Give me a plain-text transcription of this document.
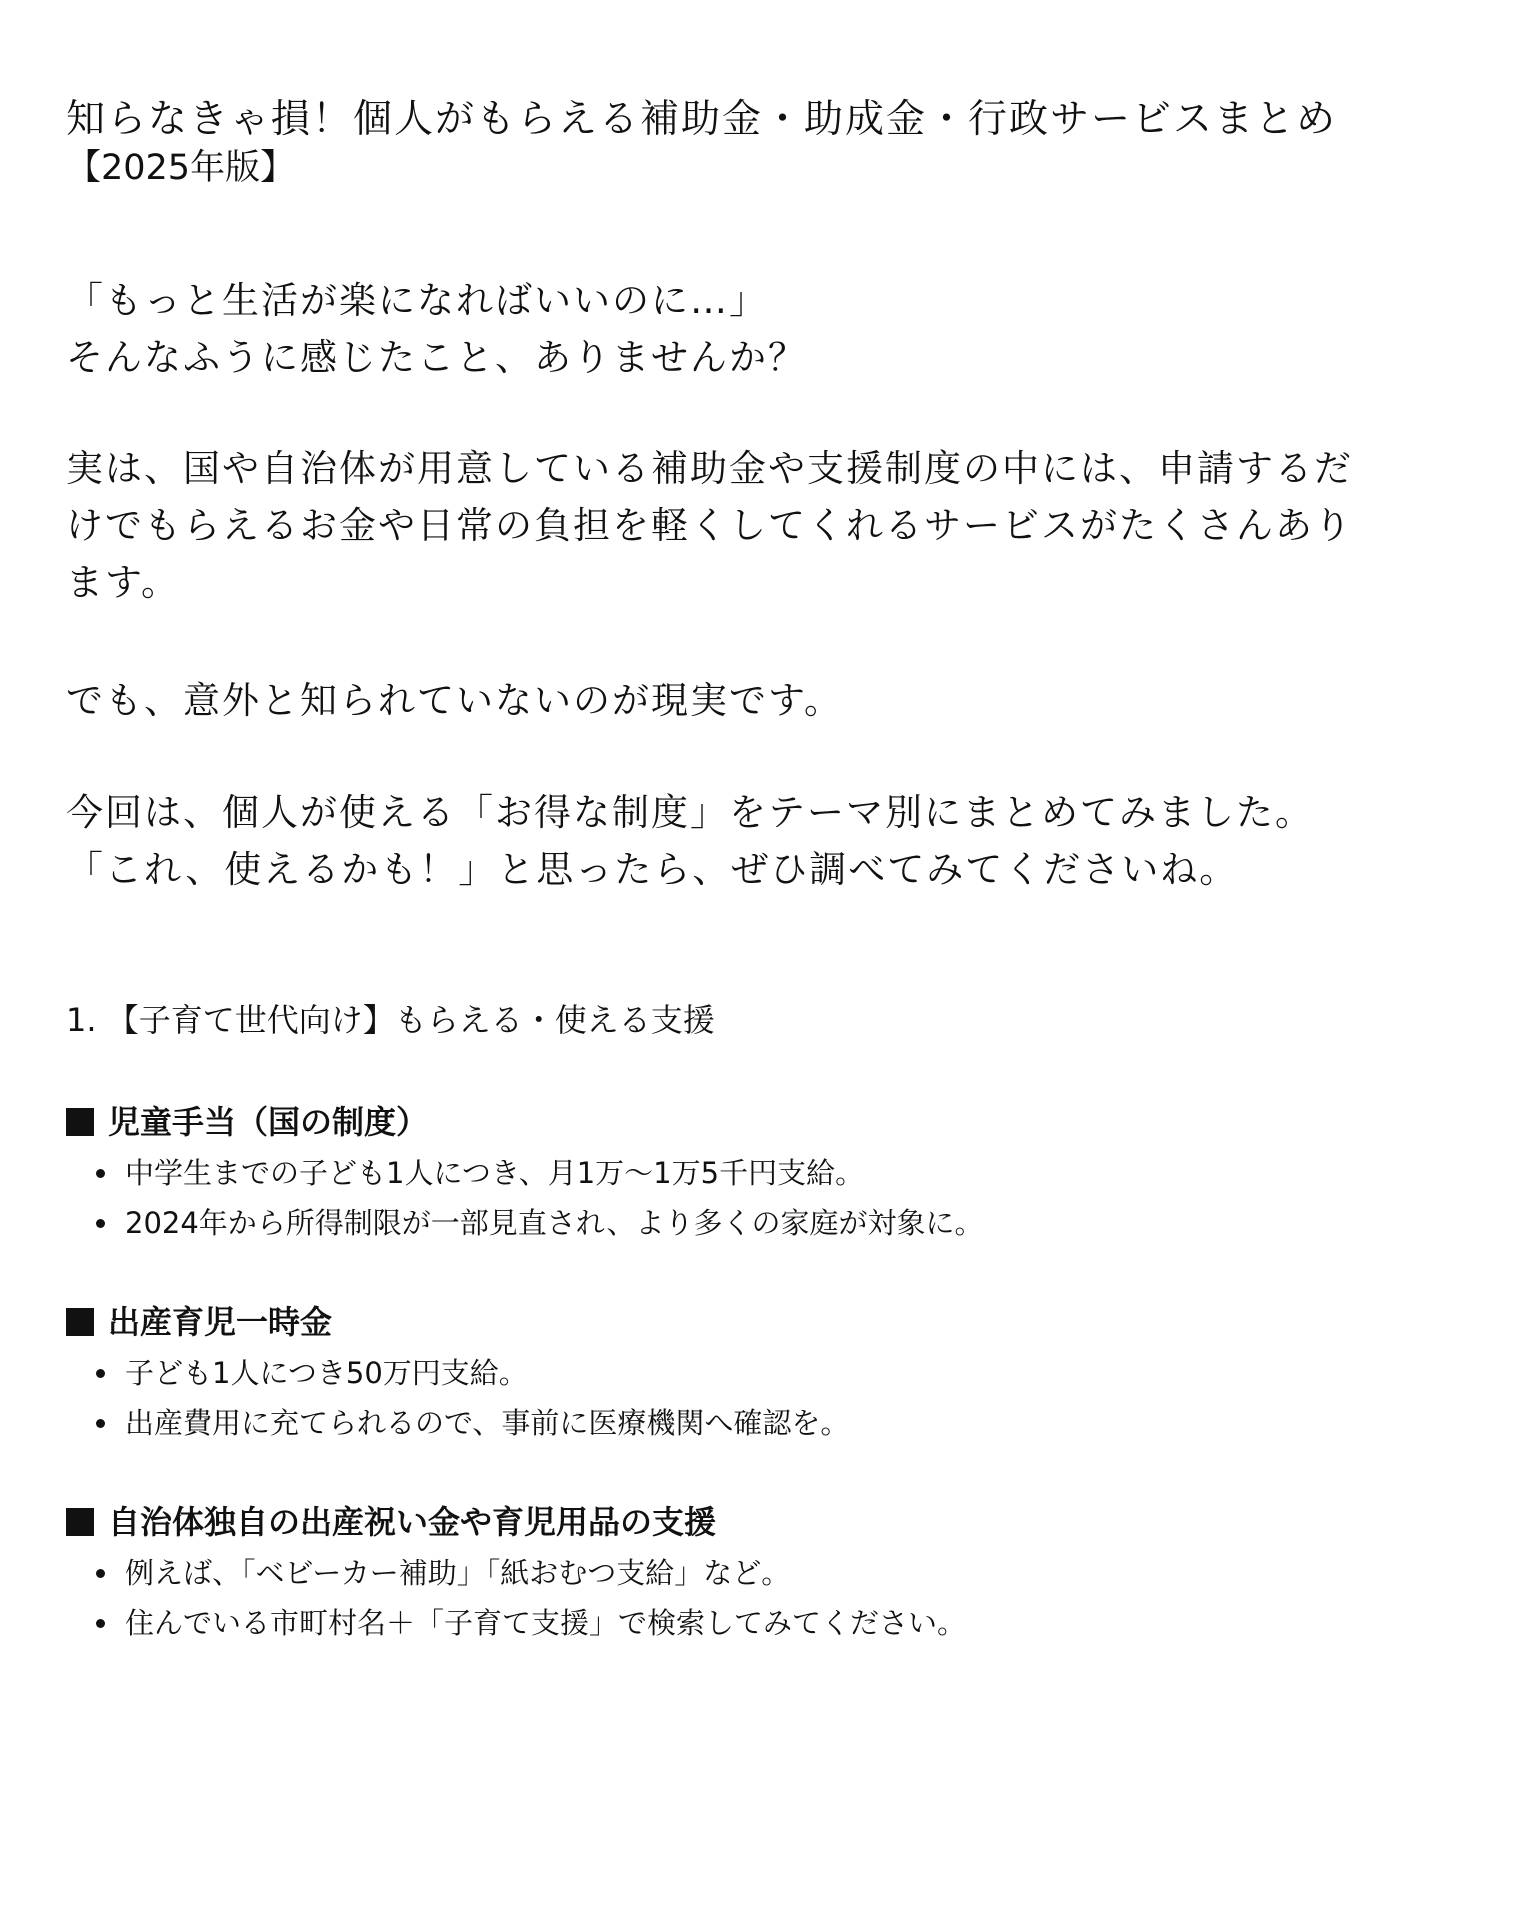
知らなきゃ損！個人がもらえる補助金・助成金・行政サービスまとめ
【2025年版】

「もっと生活が楽になればいいのに…」
そんなふうに感じたこと、ありませんか？

実は、国や自治体が用意している補助金や支援制度の中には、申請するだ
けでもらえるお金や日常の負担を軽くしてくれるサービスがたくさんあり
ます。

でも、意外と知られていないのが現実です。

今回は、個人が使える「お得な制度」をテーマ別にまとめてみました。
「これ、使えるかも！」と思ったら、ぜひ調べてみてくださいね。

1. 【子育て世代向け】もらえる・使える支援
児童手当（国の制度）
中学生までの子ども1人につき、月1万〜1万5千円支給。
2024年から所得制限が一部見直され、より多くの家庭が対象に。
出産育児一時金
子ども1人につき50万円支給。
出産費用に充てられるので、事前に医療機関へ確認を。
自治体独自の出産祝い金や育児用品の支援
例えば、「ベビーカー補助」「紙おむつ支給」など。
住んでいる市町村名＋「子育て支援」で検索してみてください。
